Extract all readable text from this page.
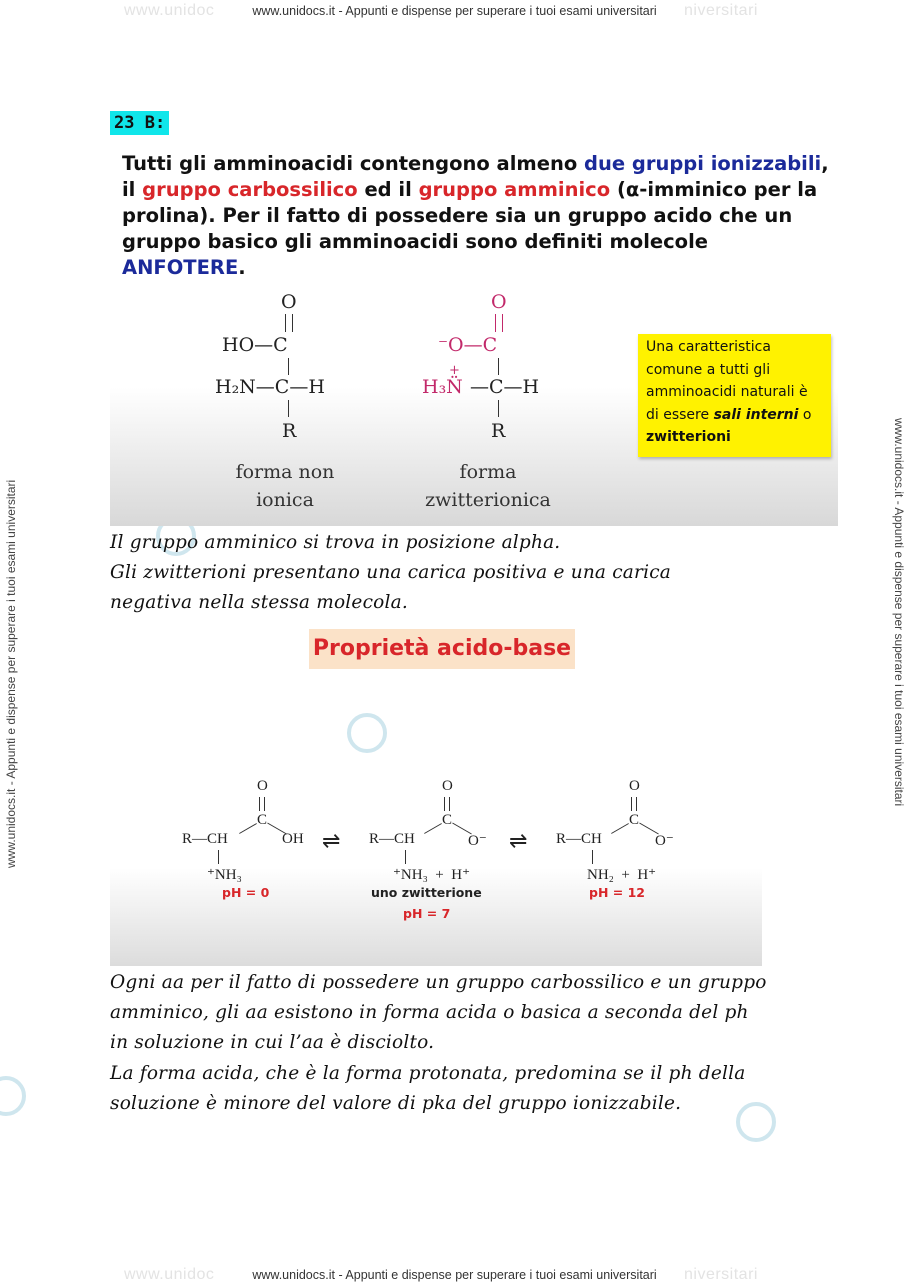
www.unidoc	niversitari
www.unidocs.it - Appunti e dispense per superare i tuoi esami universitari
www.unidoc	niversitari
www.unidocs.it - Appunti e dispense per superare i tuoi esami universitari
www.unidocs.it - Appunti e dispense per superare i tuoi esami universitari	www.unidocs.it - Appunti e dispense per superare i tuoi esami universitari
23 B:
Tutti gli amminoacidi contengono almeno due gruppi ionizzabili, il gruppo carbossilico ed il gruppo amminico (α-imminico per la prolina). Per il fatto di possedere sia un gruppo acido che un gruppo basico gli amminoacidi sono definiti molecole ANFOTERE.
O
HO—C
H₂N—C—H
R
forma non
ionica
O
⁻O—C
H₃N̈
+
—C—H
R
forma
zwitterionica
Una caratteristica comune a tutti gli amminoacidi naturali è di essere sali interni o zwitterioni
Il gruppo amminico si trova in posizione alpha.
Gli zwitterioni presentano una carica positiva e una carica
negativa nella stessa molecola.
Proprietà acido-base
O
C
R—CH	OH
⁺NH₃
pH = 0
⇌
O
C
R—CH	O⁻
⁺NH₃  +  H⁺
uno zwitterione
pH = 7
⇌
O
C
R—CH	O⁻
NH₂  +  H⁺
pH = 12
Ogni aa per il fatto di possedere un gruppo carbossilico e un gruppo
amminico, gli aa esistono in forma acida o basica a seconda del ph
in soluzione in cui l’aa è disciolto.
La forma acida, che è la forma protonata, predomina se il ph della
soluzione è minore del valore di pka del gruppo ionizzabile.
